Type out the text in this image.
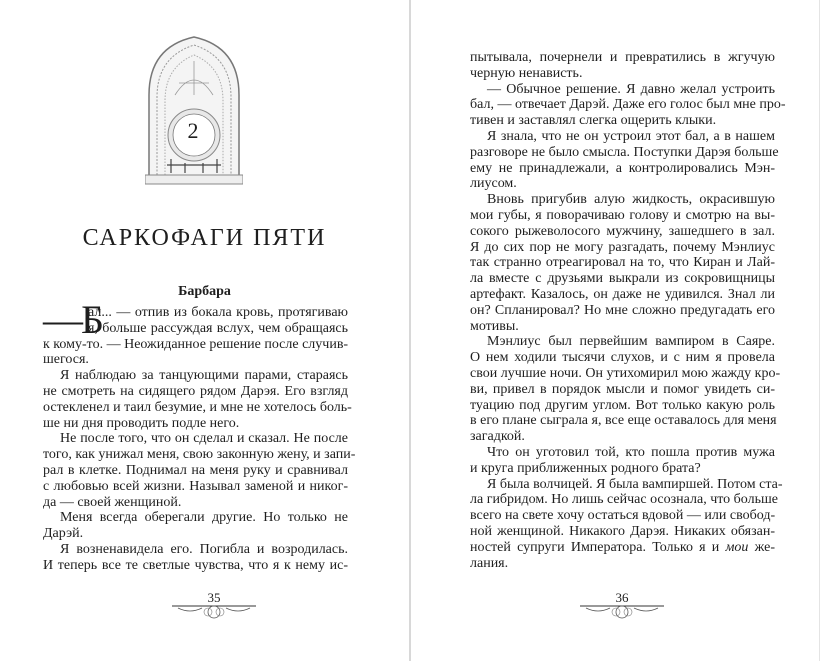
2
САРКОФАГИ ПЯТИ
Барбара
—Б
ал... — отпив из бокала кровь, протягиваю
я, больше рассуждая вслух, чем обращаясь
к кому-то. — Неожиданное решение после случив-
шегося.
Я наблюдаю за танцующими парами, стараясь
не смотреть на сидящего рядом Дарэя. Его взгляд
остекленел и таил безумие, и мне не хотелось боль-
ше ни дня проводить подле него.
Не после того, что он сделал и сказал. Не после
того, как унижал меня, свою законную жену, и запи-
рал в клетке. Поднимал на меня руку и сравнивал
с любовью всей жизни. Называл заменой и никог-
да — своей женщиной.
Меня всегда оберегали другие. Но только не
Дарэй.
Я возненавидела его. Погибла и возродилась.
И теперь все те светлые чувства, что я к нему ис-
35
пытывала, почернели и превратились в жгучую
черную ненависть.
— Обычное решение. Я давно желал устроить
бал, — отвечает Дарэй. Даже его голос был мне про-
тивен и заставлял слегка ощерить клыки.
Я знала, что не он устроил этот бал, а в нашем
разговоре не было смысла. Поступки Дарэя больше
ему не принадлежали, а контролировались Мэн-
лиусом.
Вновь пригубив алую жидкость, окрасившую
мои губы, я поворачиваю голову и смотрю на вы-
сокого рыжеволосого мужчину, зашедшего в зал.
Я до сих пор не могу разгадать, почему Мэнлиус
так странно отреагировал на то, что Киран и Лай-
ла вместе с друзьями выкрали из сокровищницы
артефакт. Казалось, он даже не удивился. Знал ли
он? Спланировал? Но мне сложно предугадать его
мотивы.
Мэнлиус был первейшим вампиром в Саяре.
О нем ходили тысячи слухов, и с ним я провела
свои лучшие ночи. Он утихомирил мою жажду кро-
ви, привел в порядок мысли и помог увидеть си-
туацию под другим углом. Вот только какую роль
в его плане сыграла я, все еще оставалось для меня
загадкой.
Что он уготовил той, кто пошла против мужа
и круга приближенных родного брата?
Я была волчицей. Я была вампиршей. Потом ста-
ла гибридом. Но лишь сейчас осознала, что больше
всего на свете хочу остаться вдовой — или свобод-
ной женщиной. Никакого Дарэя. Никаких обязан-
ностей супруги Императора. Только я и мои же-
лания.
36
